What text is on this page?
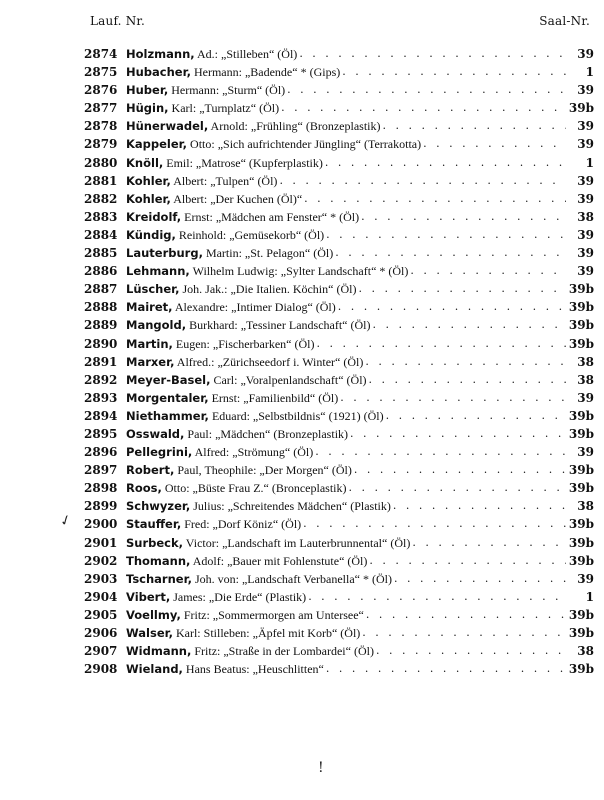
Lauf. Nr.	Saal-Nr.
2874 Holzmann, Ad.: „Stilleben“ (Öl) . . .	39
2875 Hubacher, Hermann: „Badende“ * (Gips) . . .	1
2876 Huber, Hermann: „Sturm“ (Öl) . . .	39
2877 Hügin, Karl: „Turnplatz“ (Öl) . . .	39b
2878 Hünerwadel, Arnold: „Frühling“ (Bronzeplastik) . . .	39
2879 Kappeler, Otto: „Sich aufrichtender Jüngling“ (Terrakotta) . . .	39
2880 Knöll, Emil: „Matrose“ (Kupferplastik) . . .	1
2881 Kohler, Albert: „Tulpen“ (Öl) . . .	39
2882 Kohler, Albert: „Der Kuchen (Öl)“ . . .	39
2883 Kreidolf, Ernst: „Mädchen am Fenster“ * (Öl) . . .	38
2884 Kündig, Reinhold: „Gemüsekorb“ (Öl) . . .	39
2885 Lauterburg, Martin: „St. Pelagon“ (Öl) . . .	39
2886 Lehmann, Wilhelm Ludwig: „Sylter Landschaft“ * (Öl) . . .	39
2887 Lüscher, Joh. Jak.: „Die Italien. Köchin“ (Öl) . . .	39b
2888 Mairet, Alexandre: „Intimer Dialog“ (Öl) . . .	39b
2889 Mangold, Burkhard: „Tessiner Landschaft“ (Öl) . . .	39b
2890 Martin, Eugen: „Fischerbarken“ (Öl) . . .	39b
2891 Marxer, Alfred.: „Zürichseedorf i. Winter“ (Öl) . . .	38
2892 Meyer-Basel, Carl: „Voralpenlandschaft“ (Öl) . . .	38
2893 Morgentaler, Ernst: „Familienbild“ (Öl) . . .	39
2894 Niethammer, Eduard: „Selbstbildnis“ (1921) (Öl) . . .	39b
2895 Osswald, Paul: „Mädchen“ (Bronzeplastik) . . .	39b
2896 Pellegrini, Alfred: „Strömung“ (Öl) . . .	39
2897 Robert, Paul, Theophile: „Der Morgen“ (Öl) . . .	39b
2898 Roos, Otto: „Büste Frau Z.“ (Bronceplastik) . . .	39b
2899 Schwyzer, Julius: „Schreitendes Mädchen“ (Plastik) . . .	38
2900 Stauffer, Fred: „Dorf Köniz“ (Öl) . . .	39b
2901 Surbeck, Victor: „Landschaft im Lauterbrunnental“ (Öl) . . .	39b
2902 Thomann, Adolf: „Bauer mit Fohlenstute“ (Öl) . . .	39b
2903 Tscharner, Joh. von: „Landschaft Verbanella“ * (Öl) . . .	39
2904 Vibert, James: „Die Erde“ (Plastik) . . .	1
2905 Voellmy, Fritz: „Sommermorgen am Untersee“ . . .	39b
2906 Walser, Karl: Stilleben: „Äpfel mit Korb“ (Öl) . . .	39b
2907 Widmann, Fritz: „Straße in der Lombardei“ (Öl) . . .	38
2908 Wieland, Hans Beatus: „Heuschlitten“ . . .	39b
✓
!
